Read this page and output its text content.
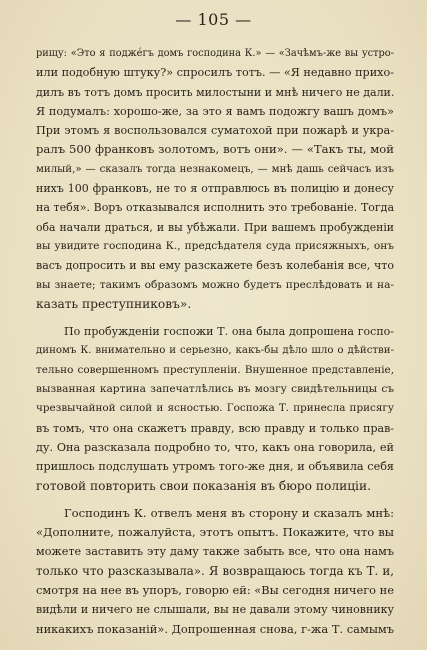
— 105 —
рищу: «Это я подже́гъ домъ господина К.» — «Зачѣмъ-же вы устро-
или подобную штуку?» спросилъ тотъ. — «Я недавно прихо-
дилъ въ тотъ домъ просить милостыни и мнѣ ничего не дали.
Я подумалъ: хорошо-же, за это я вамъ подожгу вашъ домъ»
При этомъ я воспользовался суматохой при пожарѣ и укра-
ралъ 500 франковъ золотомъ, вотъ они». — «Такъ ты, мой
милый,» — сказалъ тогда незнакомецъ, — мнѣ дашь сейчасъ изъ
нихъ 100 франковъ, не то я отправлюсь въ полицію и донесу
на тебя». Воръ отказывался исполнить это требованіе. Тогда
оба начали драться, и вы убѣжали. При вашемъ пробужденіи
вы увидите господина К., предсѣдателя суда присяжныхъ, онъ
васъ допросить и вы ему разскажете безъ колебанія все, что
вы знаете; такимъ образомъ можно будетъ преслѣдовать и на-
казать преступниковъ».
По пробужденіи госпожи Т. она была допрошена госпо-
диномъ К. внимательно и серьезно, какъ-бы дѣло шло о дѣйстви-
тельно совершенномъ преступленіи. Внушенное представленіе,
вызванная картина запечатлѣлись въ мозгу свидѣтельницы съ
чрезвычайной силой и ясностью. Госпожа Т. принесла присягу
въ томъ, что она скажетъ правду, всю правду и только прав-
ду. Она разсказала подробно то, что, какъ она говорила, ей
пришлось подслушать утромъ того-же дня, и объявила себя
готовой повторить свои показанія въ бюро полиціи.
Господинъ К. отвелъ меня въ сторону и сказалъ мнѣ:
«Дополните, пожалуйста, этотъ опытъ. Покажите, что вы
можете заставить эту даму также забыть все, что она намъ
только что разсказывала». Я возвращаюсь тогда къ Т. и,
смотря на нее въ упоръ, говорю ей: «Вы сегодня ничего не
видѣли и ничего не слышали, вы не давали этому чиновнику
никакихъ показаній». Допрошенная снова, г-жа Т. самымъ
